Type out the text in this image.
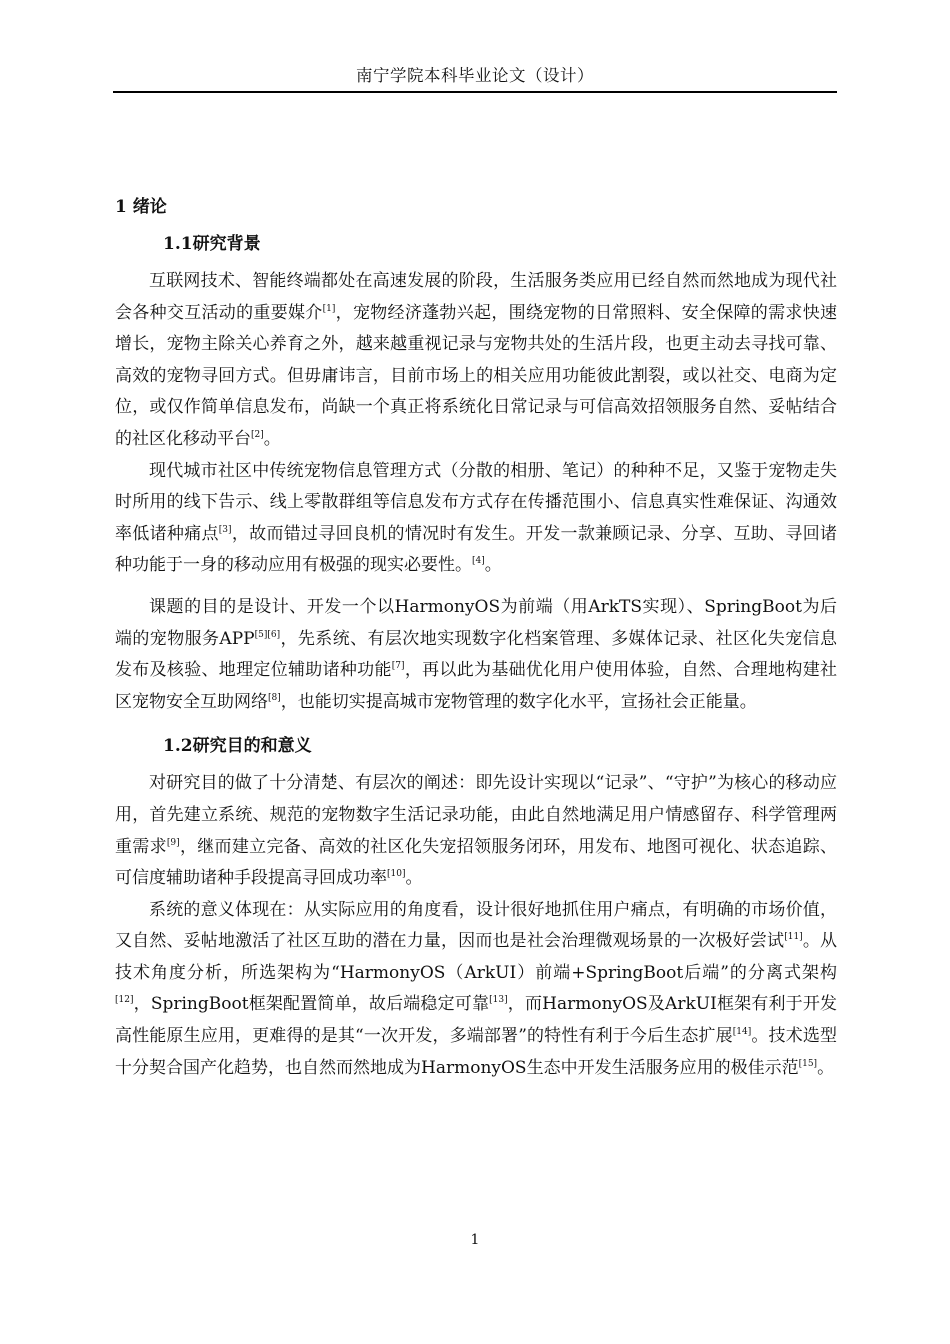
南宁学院本科毕业论文（设计）
1 绪论
1.1研究背景

互联网技术、智能终端都处在高速发展的阶段，生活服务类应用已经自然而然地成为现代社会各种交互活动的重要媒介[1]，宠物经济蓬勃兴起，围绕宠物的日常照料、安全保障的需求快速增长，宠物主除关心养育之外，越来越重视记录与宠物共处的生活片段，也更主动去寻找可靠、高效的宠物寻回方式。但毋庸讳言，目前市场上的相关应用功能彼此割裂，或以社交、电商为定位，或仅作简单信息发布，尚缺一个真正将系统化日常记录与可信高效招领服务自然、妥帖结合的社区化移动平台[2]。

现代城市社区中传统宠物信息管理方式（分散的相册、笔记）的种种不足，又鉴于宠物走失时所用的线下告示、线上零散群组等信息发布方式存在传播范围小、信息真实性难保证、沟通效率低诸种痛点[3]，故而错过寻回良机的情况时有发生。开发一款兼顾记录、分享、互助、寻回诸种功能于一身的移动应用有极强的现实必要性。[4]。

课题的目的是设计、开发一个以HarmonyOS为前端（用ArkTS实现）、SpringBoot为后端的宠物服务APP[5][6]，先系统、有层次地实现数字化档案管理、多媒体记录、社区化失宠信息发布及核验、地理定位辅助诸种功能[7]，再以此为基础优化用户使用体验，自然、合理地构建社区宠物安全互助网络[8]，也能切实提高城市宠物管理的数字化水平，宣扬社会正能量。

1.2研究目的和意义

对研究目的做了十分清楚、有层次的阐述：即先设计实现以“记录”、“守护”为核心的移动应用，首先建立系统、规范的宠物数字生活记录功能，由此自然地满足用户情感留存、科学管理两重需求[9]，继而建立完备、高效的社区化失宠招领服务闭环，用发布、地图可视化、状态追踪、可信度辅助诸种手段提高寻回成功率[10]。

系统的意义体现在：从实际应用的角度看，设计很好地抓住用户痛点，有明确的市场价值，又自然、妥帖地激活了社区互助的潜在力量，因而也是社会治理微观场景的一次极好尝试[11]。从技术角度分析，所选架构为“HarmonyOS（ArkUI）前端+SpringBoot后端”的分离式架构[12]，SpringBoot框架配置简单，故后端稳定可靠[13]，而HarmonyOS及ArkUI框架有利于开发高性能原生应用，更难得的是其“一次开发，多端部署”的特性有利于今后生态扩展[14]。技术选型十分契合国产化趋势，也自然而然地成为HarmonyOS生态中开发生活服务应用的极佳示范[15]。

1
